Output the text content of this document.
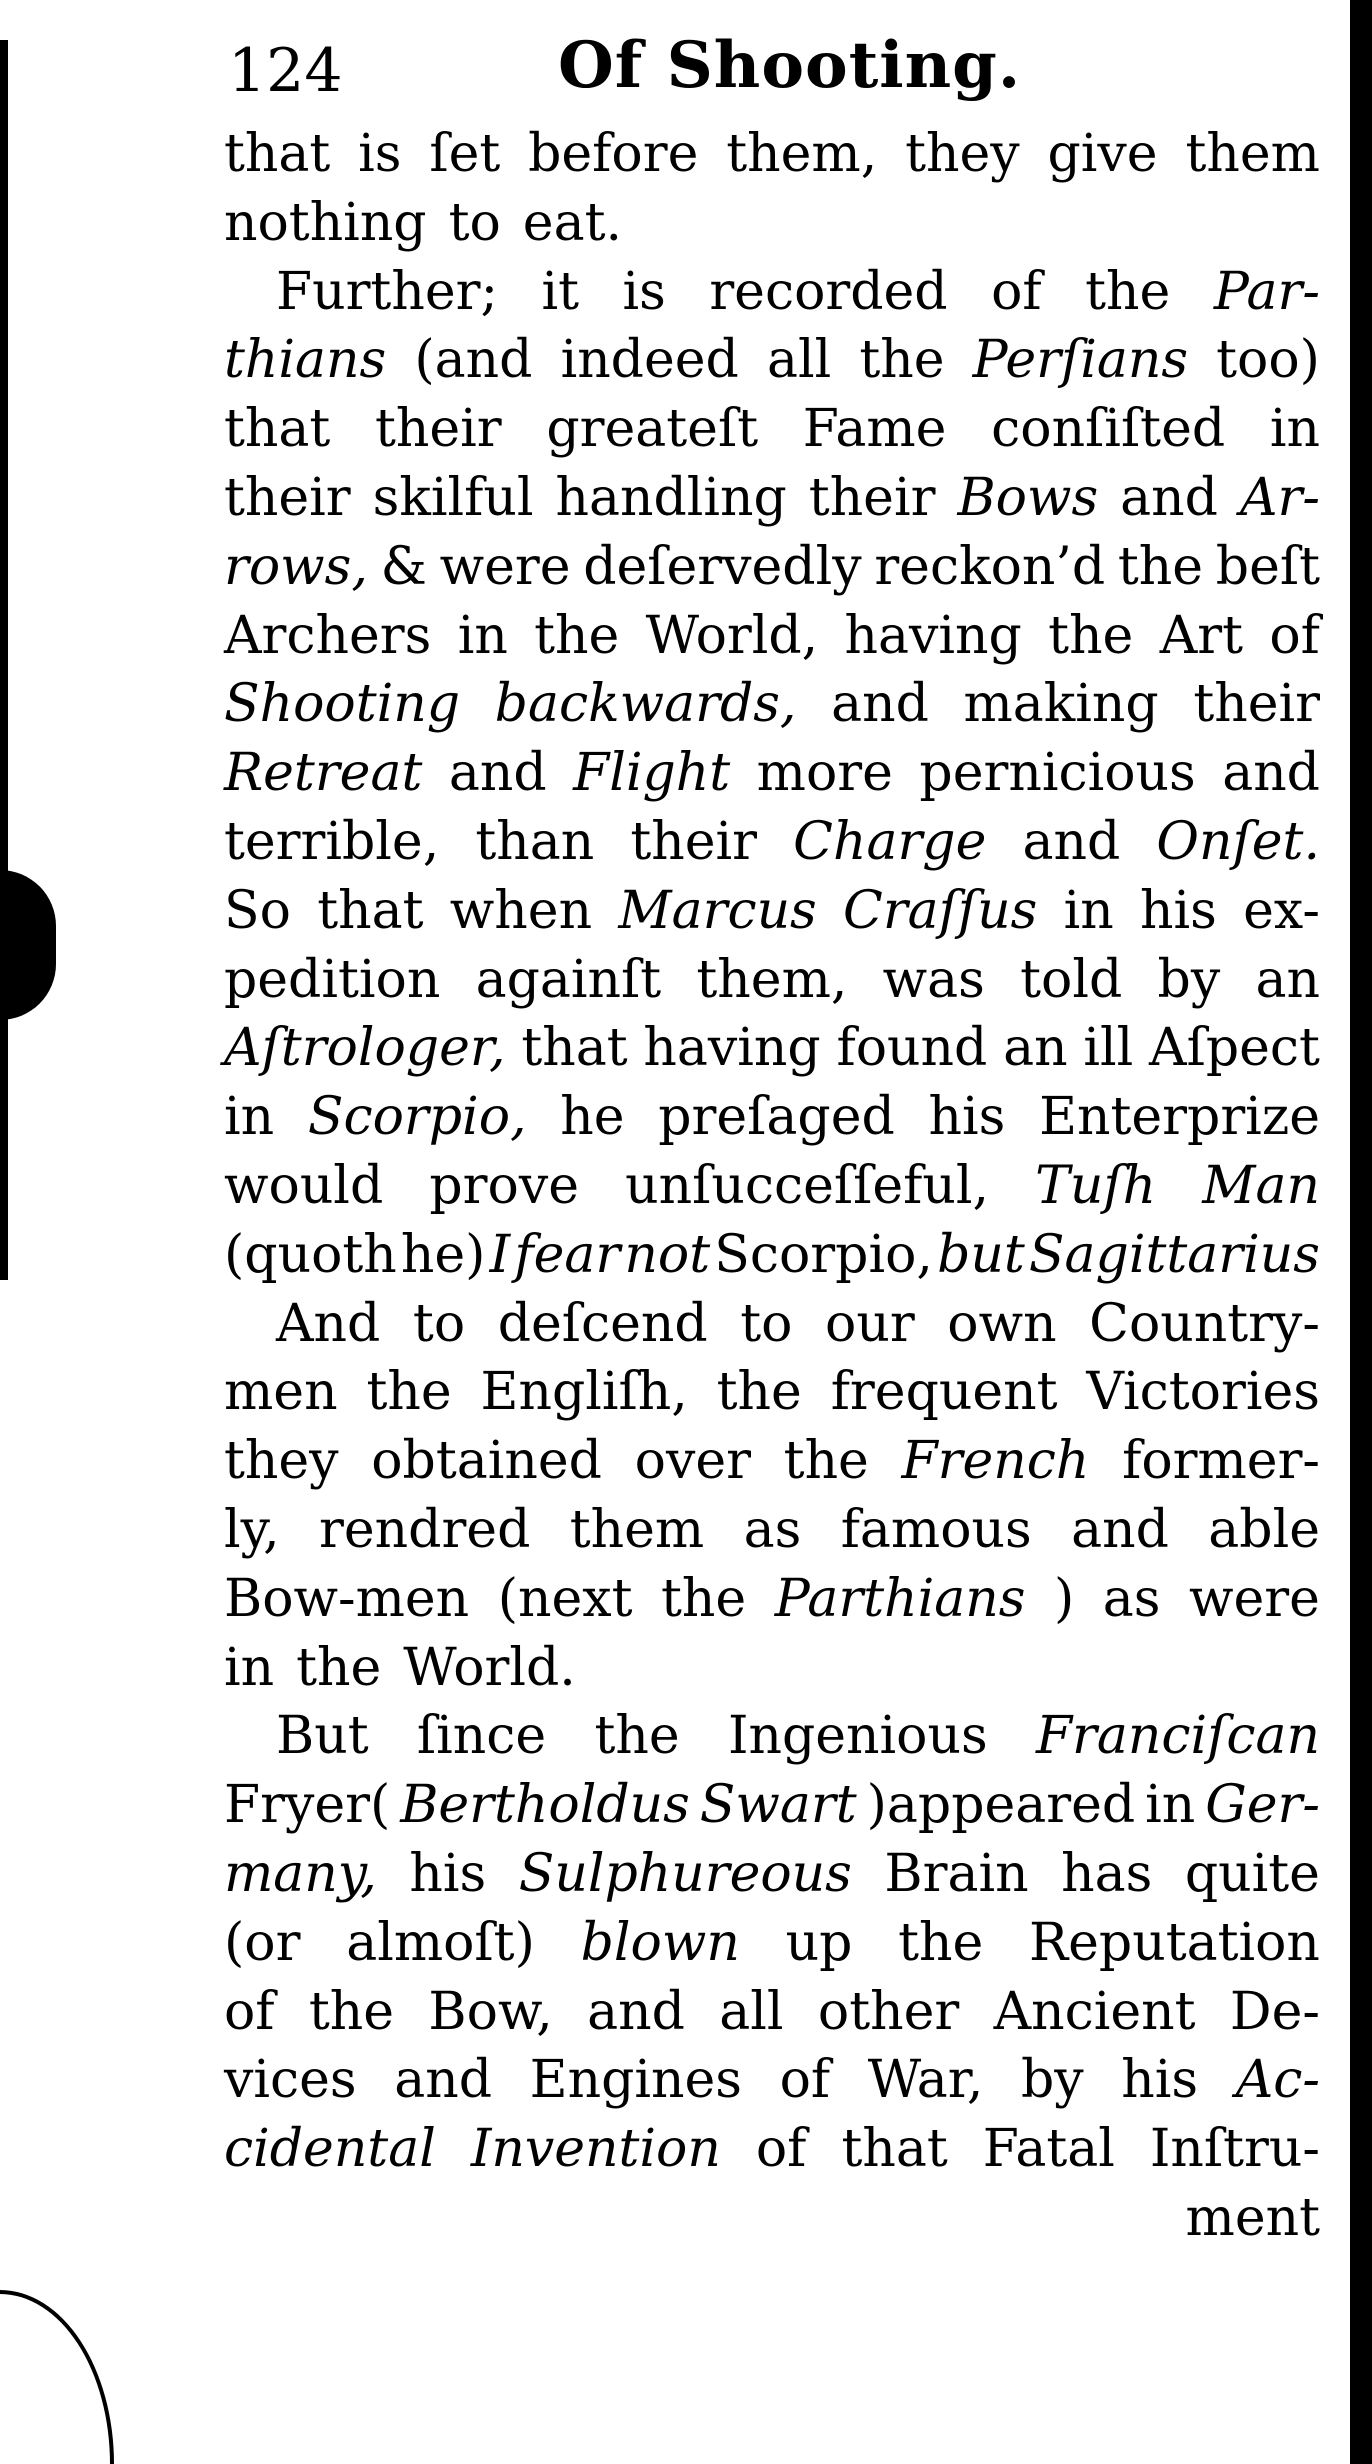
124	Of Shooting.
that is ſet before them, they give them
nothing to eat.
Further; it is recorded of the Par-
thians (and indeed all the Perſians too)
that their greateſt Fame conſiſted in
their skilful handling their Bows and Ar-
rows, & were deſervedly reckon’d the beſt
Archers in the World, having the Art of
Shooting backwards, and making their
Retreat and Flight more pernicious and
terrible, than their Charge and Onſet.
So that when Marcus Craſſus in his ex-
pedition againſt them, was told by an
Aſtrologer, that having found an ill Aſpect
in Scorpio, he preſaged his Enterprize
would prove unſucceſſeful, Tuſh Man
(quoth he) I fear not Scorpio, but Sagittarius
And to deſcend to our own Country-
men the Engliſh, the frequent Victories
they obtained over the French former-
ly, rendred them as famous and able
Bow-men (next the Parthians ) as were
in the World.
But ſince the Ingenious Franciſcan
Fryer( Bertholdus Swart )appeared in Ger-
many, his Sulphureous Brain has quite
(or almoſt) blown up the Reputation
of the Bow, and all other Ancient De-
vices and Engines of War, by his Ac-
cidental Invention of that Fatal Inſtru-
ment
